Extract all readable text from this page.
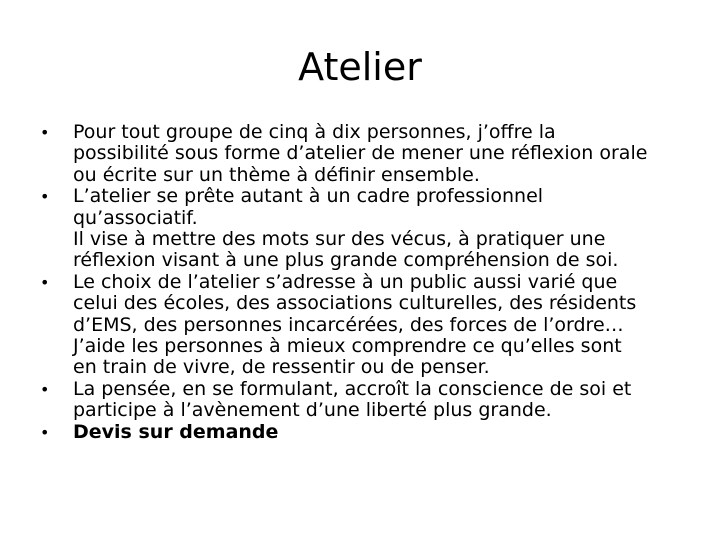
Atelier
•	Pour tout groupe de cinq à dix personnes, j’offre la
possibilité sous forme d’atelier de mener une réflexion orale
ou écrite sur un thème à définir ensemble.
•	L’atelier se prête autant à un cadre professionnel
qu’associatif.
Il vise à mettre des mots sur des vécus, à pratiquer une
réflexion visant à une plus grande compréhension de soi.
•	Le choix de l’atelier s’adresse à un public aussi varié que
celui des écoles, des associations culturelles, des résidents
d’EMS, des personnes incarcérées, des forces de l’ordre…
J’aide les personnes à mieux comprendre ce qu’elles sont
en train de vivre, de ressentir ou de penser.
•	La pensée, en se formulant, accroît la conscience de soi et
participe à l’avènement d’une liberté plus grande.
•	Devis sur demande
